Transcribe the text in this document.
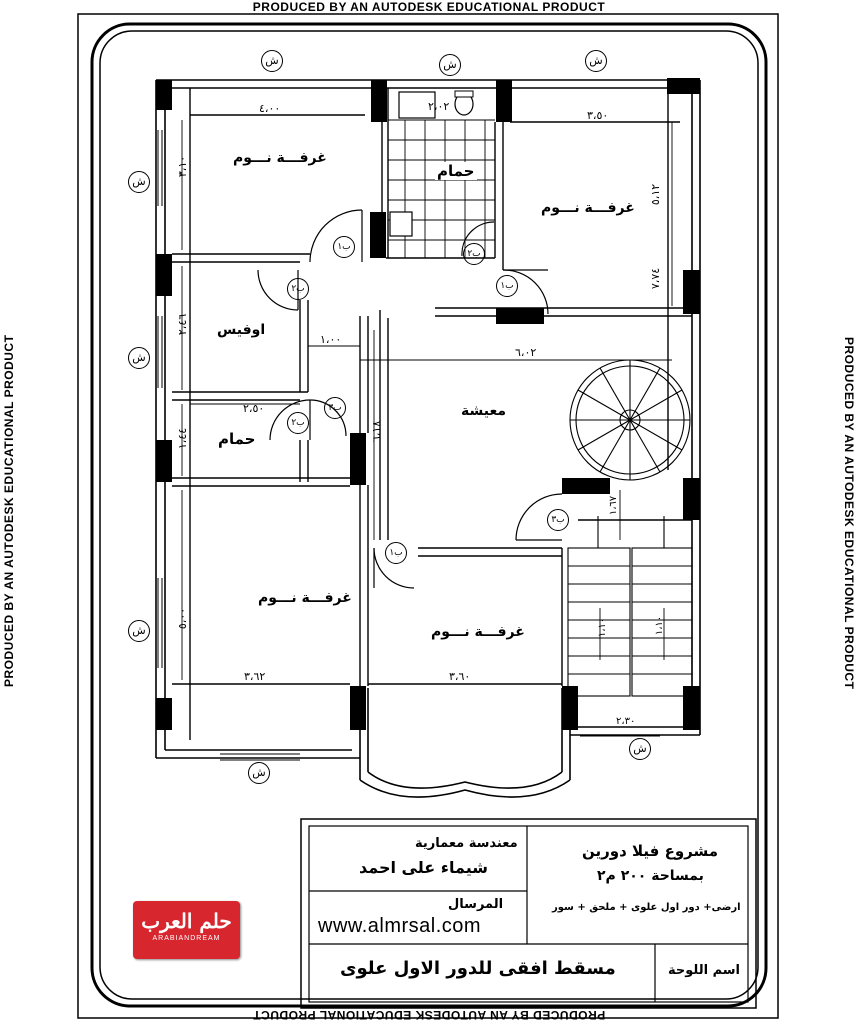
PRODUCED BY AN AUTODESK EDUCATIONAL PRODUCT
PRODUCED BY AN AUTODESK EDUCATIONAL PRODUCT
PRODUCED BY AN AUTODESK EDUCATIONAL PRODUCT	PRODUCED BY AN AUTODESK EDUCATIONAL PRODUCT
ش	ش	ش
ش
ش
ش
ش
ش
ب١
ب٢
ب٢
ب١
ب٢
ب٣
ب٣
ب١
غرفـــة نـــوم
حمام
غرفـــة نـــوم
اوفيس
معيشة
حمام
غرفـــة نـــوم
غرفـــة نـــوم
٤،٠٠
٣،٥٠
٢،٠٢
٣،١٠
٥،١٢
٧،٧٤
٢،٤٦
١،٠٠
٦،٠٢
٢،٥٠
١،٤٤	٦،١٨
١،٦٧
٥،٠٠
٣،٦٢	٣،٦٠
١،١٠	١،١٠
٢،٣٠
معندسة معمارية
شيماء على احمد
مشروع فيلا دورين
بمساحة ٢٠٠ م٢
ارضى+ دور اول علوى + ملحق + سور
المرسال
www.almrsal.com
اسم اللوحة
مسقط افقى للدور الاول علوى
حلم العرب
ARABIANDREAM
